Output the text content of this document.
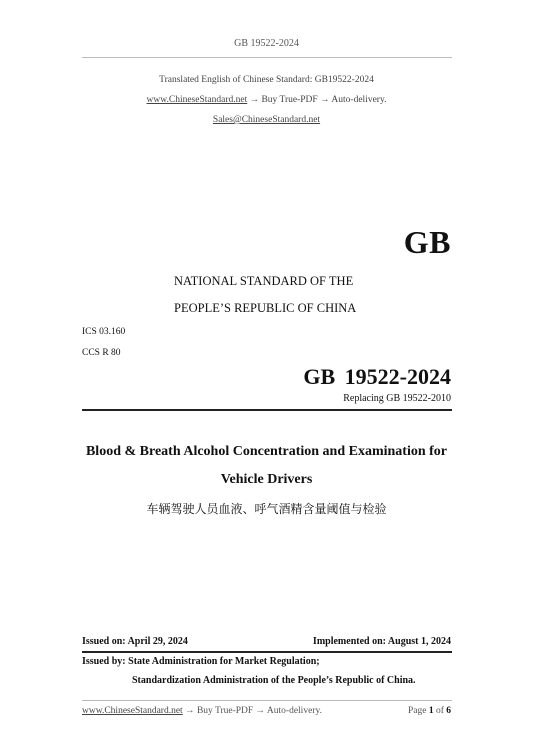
GB 19522-2024
Translated English of Chinese Standard: GB19522-2024
www.ChineseStandard.net → Buy True-PDF → Auto-delivery.
Sales@ChineseStandard.net
GB
NATIONAL STANDARD OF THE
PEOPLE’S REPUBLIC OF CHINA
ICS 03.160
CCS R 80
GB 19522-2024
Replacing GB 19522-2010
Blood & Breath Alcohol Concentration and Examination for
Vehicle Drivers
车辆驾驶人员血液、呼气酒精含量阈值与检验
Issued on: April 29, 2024	Implemented on: August 1, 2024
Issued by: State Administration for Market Regulation;
Standardization Administration of the People’s Republic of China.
www.ChineseStandard.net → Buy True-PDF → Auto-delivery.	Page 1 of 6
